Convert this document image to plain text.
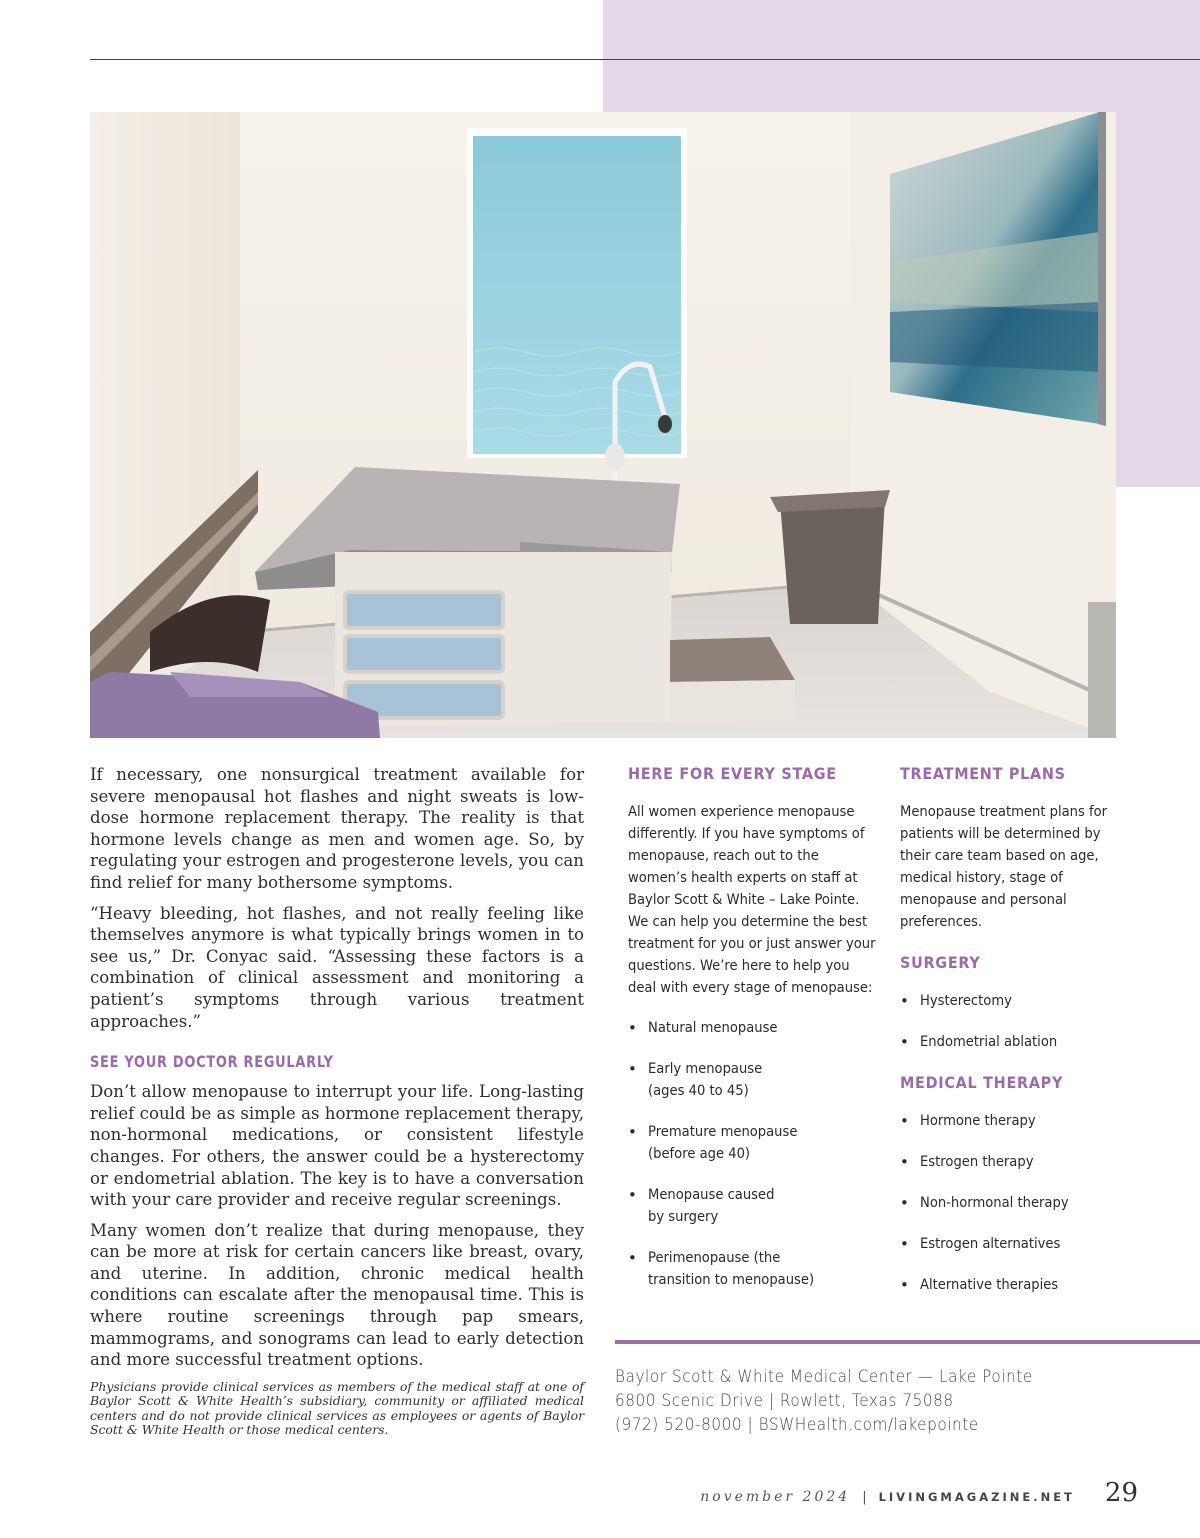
If necessary, one nonsurgical treatment available for severe menopausal hot flashes and night sweats is low-dose hormone replacement therapy. The reality is that hormone levels change as men and women age. So, by regulating your estrogen and progesterone levels, you can find relief for many bothersome symptoms.

“Heavy bleeding, hot flashes, and not really feeling like themselves anymore is what typically brings women in to see us,” Dr. Conyac said. “Assessing these factors is a combination of clinical assessment and monitoring a patient’s symptoms through various treatment approaches.”

SEE YOUR DOCTOR REGULARLY

Don’t allow menopause to interrupt your life. Long-lasting relief could be as simple as hormone replacement therapy, non-hormonal medications, or consistent lifestyle changes. For others, the answer could be a hysterectomy or endometrial ablation. The key is to have a conversation with your care provider and receive regular screenings.

Many women don’t realize that during menopause, they can be more at risk for certain cancers like breast, ovary, and uterine. In addition, chronic medical health conditions can escalate after the menopausal time. This is where routine screenings through pap smears, mammograms, and sonograms can lead to early detection and more successful treatment options.

Physicians provide clinical services as members of the medical staff at one of Baylor Scott & White Health’s subsidiary, community or affiliated medical centers and do not provide clinical services as employees or agents of Baylor Scott & White Health or those medical centers.

HERE FOR EVERY STAGE

All women experience menopause differently. If you have symptoms of menopause, reach out to the women’s health experts on staff at Baylor Scott & White – Lake Pointe. We can help you determine the best treatment for you or just answer your questions. We’re here to help you deal with every stage of menopause:

• Natural menopause
• Early menopause
(ages 40 to 45)
• Premature menopause
(before age 40)
• Menopause caused
by surgery
• Perimenopause (the
transition to menopause)
TREATMENT PLANS

Menopause treatment plans for patients will be determined by their care team based on age, medical history, stage of menopause and personal preferences.

SURGERY
• Hysterectomy
• Endometrial ablation
MEDICAL THERAPY
• Hormone therapy
• Estrogen therapy
• Non-hormonal therapy
• Estrogen alternatives
• Alternative therapies
Baylor Scott & White Medical Center — Lake Pointe
6800 Scenic Drive | Rowlett, Texas 75088
(972) 520-8000 | BSWHealth.com/lakepointe
november 2024 | LIVINGMAGAZINE.NET 29
